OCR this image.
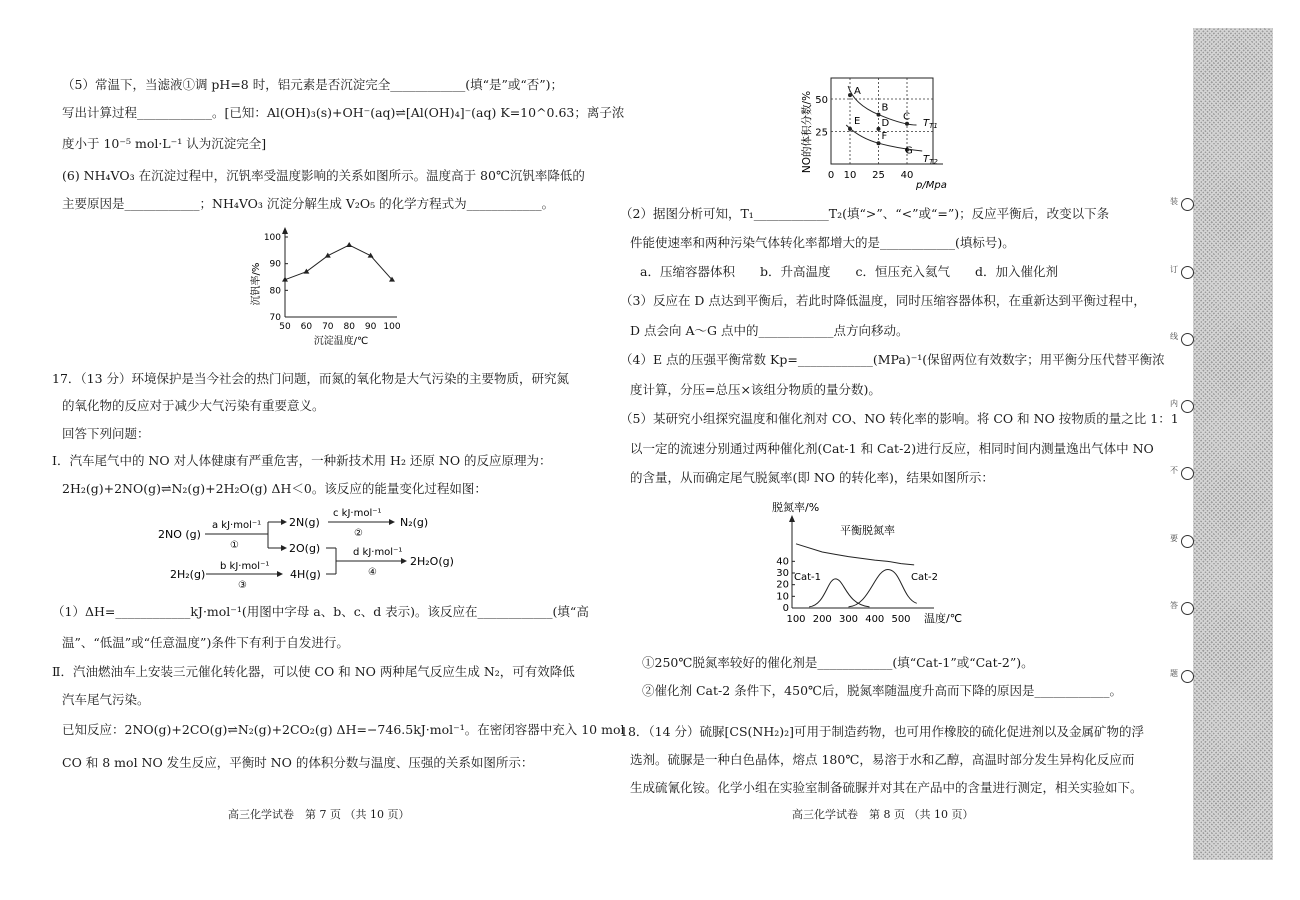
（5）常温下，当滤液①调 pH=8 时，铝元素是否沉淀完全____________(填“是”或“否”)；
写出计算过程____________。[已知：Al(OH)₃(s)+OH⁻(aq)⇌[Al(OH)₄]⁻(aq) K=10^0.63；离子浓
度小于 10⁻⁵ mol·L⁻¹ 认为沉淀完全]
(6) NH₄VO₃ 在沉淀过程中，沉钒率受温度影响的关系如图所示。温度高于 80℃沉钒率降低的
主要原因是____________；NH₄VO₃ 沉淀分解生成 V₂O₅ 的化学方程式为____________。
沉钒率/%
70
80
90
100
50 60 70 80 90 100
沉淀温度/℃
17．（13 分）环境保护是当今社会的热门问题，而氮的氧化物是大气污染的主要物质，研究氮
的氧化物的反应对于减少大气污染有重要意义。
回答下列问题：
I．汽车尾气中的 NO 对人体健康有严重危害，一种新技术用 H₂ 还原 NO 的反应原理为：
2H₂(g)+2NO(g)⇌N₂(g)+2H₂O(g) ΔH＜0。该反应的能量变化过程如图：
2NO (g)
a kJ·mol⁻¹
①
2N(g)
c kJ·mol⁻¹
②
N₂(g)
2O(g)
4H(g)
d kJ·mol⁻¹
④
2H₂O(g)
2H₂(g)
b kJ·mol⁻¹
③
（1）ΔH=____________kJ·mol⁻¹(用图中字母 a、b、c、d 表示)。该反应在____________(填“高
温”、“低温”或“任意温度”)条件下有利于自发进行。
Ⅱ．汽油燃油车上安装三元催化转化器，可以使 CO 和 NO 两种尾气反应生成 N₂，可有效降低
汽车尾气污染。
已知反应：2NO(g)+2CO(g)⇌N₂(g)+2CO₂(g) ΔH=−746.5kJ·mol⁻¹。在密闭容器中充入 10 mol
CO 和 8 mol NO 发生反应，平衡时 NO 的体积分数与温度、压强的关系如图所示：
高三化学试卷　第 7 页 （共 10 页）
NO的体积分数/% 25
50
0 10 25 40
A
B
C
D
E
F
G
$T_{T1}$
$T_{T2}$
p/Mpa
（2）据图分析可知，T₁____________T₂(填“>”、“<”或“=”)；反应平衡后，改变以下条
件能使速率和两种污染气体转化率都增大的是____________(填标号)。
a．压缩容器体积　　b．升高温度　　c．恒压充入氦气　　d．加入催化剂
（3）反应在 D 点达到平衡后，若此时降低温度，同时压缩容器体积，在重新达到平衡过程中，
D 点会向 A～G 点中的____________点方向移动。
（4）E 点的压强平衡常数 Kp=____________(MPa)⁻¹(保留两位有效数字；用平衡分压代替平衡浓
度计算，分压=总压×该组分物质的量分数)。
（5）某研究小组探究温度和催化剂对 CO、NO 转化率的影响。将 CO 和 NO 按物质的量之比 1：1
以一定的流速分别通过两种催化剂(Cat-1 和 Cat-2)进行反应，相同时间内测量逸出气体中 NO
的含量，从而确定尾气脱氮率(即 NO 的转化率)，结果如图所示：
脱氮率/%
0
10
20
30
40
100 200 300 400 500
平衡脱氮率
Cat-1	Cat-2
温度/℃
①250℃脱氮率较好的催化剂是____________(填“Cat-1”或“Cat-2”)。
②催化剂 Cat-2 条件下，450℃后，脱氮率随温度升高而下降的原因是____________。
18．（14 分）硫脲[CS(NH₂)₂]可用于制造药物，也可用作橡胶的硫化促进剂以及金属矿物的浮
选剂。硫脲是一种白色晶体，熔点 180℃，易溶于水和乙醇，高温时部分发生异构化反应而
生成硫氰化铵。化学小组在实验室制备硫脲并对其在产品中的含量进行测定，相关实验如下。
高三化学试卷　第 8 页 （共 10 页）
装
订
线
内
不
要
答
题
